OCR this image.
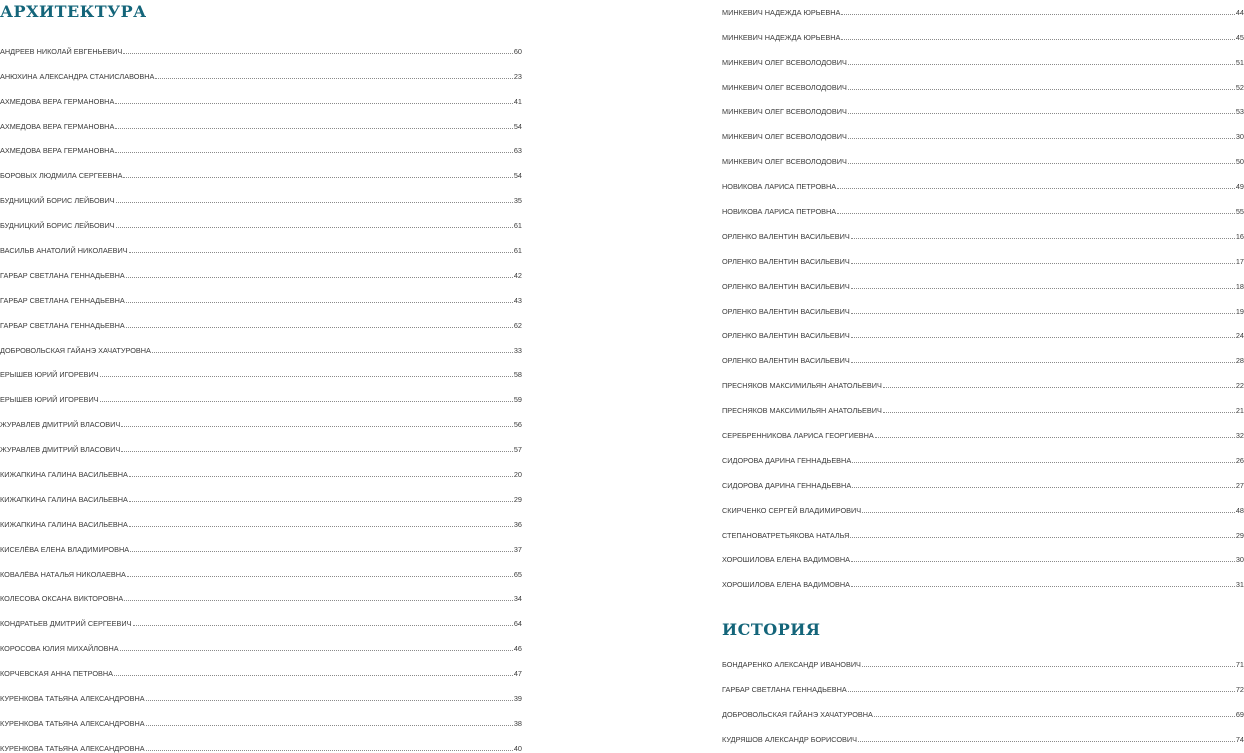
АРХИТЕКТУРА
АНДРЕЕВ НИКОЛАЙ ЕВГЕНЬЕВИЧ	60
АНЮХИНА АЛЕКСАНДРА СТАНИСЛАВОВНА	23
АХМЕДОВА ВЕРА ГЕРМАНОВНА	41
АХМЕДОВА ВЕРА ГЕРМАНОВНА	54
АХМЕДОВА ВЕРА ГЕРМАНОВНА	63
БОРОВЫХ ЛЮДМИЛА СЕРГЕЕВНА	54
БУДНИЦКИЙ БОРИС ЛЕЙБОВИЧ	35
БУДНИЦКИЙ БОРИС ЛЕЙБОВИЧ	61
ВАСИЛЬВ АНАТОЛИЙ НИКОЛАЕВИЧ	61
ГАРБАР СВЕТЛАНА ГЕННАДЬЕВНА	42
ГАРБАР СВЕТЛАНА ГЕННАДЬЕВНА	43
ГАРБАР СВЕТЛАНА ГЕННАДЬЕВНА	62
ДОБРОВОЛЬСКАЯ ГАЙАНЭ ХАЧАТУРОВНА	33
ЕРЫШЕВ ЮРИЙ ИГОРЕВИЧ	58
ЕРЫШЕВ ЮРИЙ ИГОРЕВИЧ	59
ЖУРАВЛЕВ ДМИТРИЙ ВЛАСОВИЧ	56
ЖУРАВЛЕВ ДМИТРИЙ ВЛАСОВИЧ	57
КИЖАПКИНА ГАЛИНА ВАСИЛЬЕВНА	20
КИЖАПКИНА ГАЛИНА ВАСИЛЬЕВНА	29
КИЖАПКИНА ГАЛИНА ВАСИЛЬЕВНА	36
КИСЕЛЁВА ЕЛЕНА ВЛАДИМИРОВНА	37
КОВАЛЁВА НАТАЛЬЯ НИКОЛАЕВНА	65
КОЛЕСОВА ОКСАНА ВИКТОРОВНА	34
КОНДРАТЬЕВ ДМИТРИЙ СЕРГЕЕВИЧ	64
КОРОСОВА ЮЛИЯ МИХАЙЛОВНА	46
КОРЧЕВСКАЯ АННА ПЕТРОВНА	47
КУРЕНКОВА ТАТЬЯНА АЛЕКСАНДРОВНА	39
КУРЕНКОВА ТАТЬЯНА АЛЕКСАНДРОВНА	38
КУРЕНКОВА ТАТЬЯНА АЛЕКСАНДРОВНА	40
МИНКЕВИЧ НАДЕЖДА ЮРЬЕВНА	44
МИНКЕВИЧ НАДЕЖДА ЮРЬЕВНА	45
МИНКЕВИЧ ОЛЕГ ВСЕВОЛОДОВИЧ	51
МИНКЕВИЧ ОЛЕГ ВСЕВОЛОДОВИЧ	52
МИНКЕВИЧ ОЛЕГ ВСЕВОЛОДОВИЧ	53
МИНКЕВИЧ ОЛЕГ ВСЕВОЛОДОВИЧ	30
МИНКЕВИЧ ОЛЕГ ВСЕВОЛОДОВИЧ	50
НОВИКОВА ЛАРИСА ПЕТРОВНА	49
НОВИКОВА ЛАРИСА ПЕТРОВНА	55
ОРЛЕНКО ВАЛЕНТИН ВАСИЛЬЕВИЧ	16
ОРЛЕНКО ВАЛЕНТИН ВАСИЛЬЕВИЧ	17
ОРЛЕНКО ВАЛЕНТИН ВАСИЛЬЕВИЧ	18
ОРЛЕНКО ВАЛЕНТИН ВАСИЛЬЕВИЧ	19
ОРЛЕНКО ВАЛЕНТИН ВАСИЛЬЕВИЧ	24
ОРЛЕНКО ВАЛЕНТИН ВАСИЛЬЕВИЧ	28
ПРЕСНЯКОВ МАКСИМИЛЬЯН АНАТОЛЬЕВИЧ	22
ПРЕСНЯКОВ МАКСИМИЛЬЯН АНАТОЛЬЕВИЧ	21
СЕРЕБРЕННИКОВА ЛАРИСА ГЕОРГИЕВНА	32
СИДОРОВА ДАРИНА ГЕННАДЬЕВНА	26
СИДОРОВА ДАРИНА ГЕННАДЬЕВНА	27
СКИРЧЕНКО СЕРГЕЙ ВЛАДИМИРОВИЧ	48
СТЕПАНОВАТРЕТЬЯКОВА НАТАЛЬЯ	29
ХОРОШИЛОВА ЕЛЕНА ВАДИМОВНА	30
ХОРОШИЛОВА ЕЛЕНА ВАДИМОВНА	31
ИСТОРИЯ
БОНДАРЕНКО АЛЕКСАНДР ИВАНОВИЧ	71
ГАРБАР СВЕТЛАНА ГЕННАДЬЕВНА	72
ДОБРОВОЛЬСКАЯ ГАЙАНЭ ХАЧАТУРОВНА	69
КУДРЯШОВ АЛЕКСАНДР БОРИСОВИЧ	74
